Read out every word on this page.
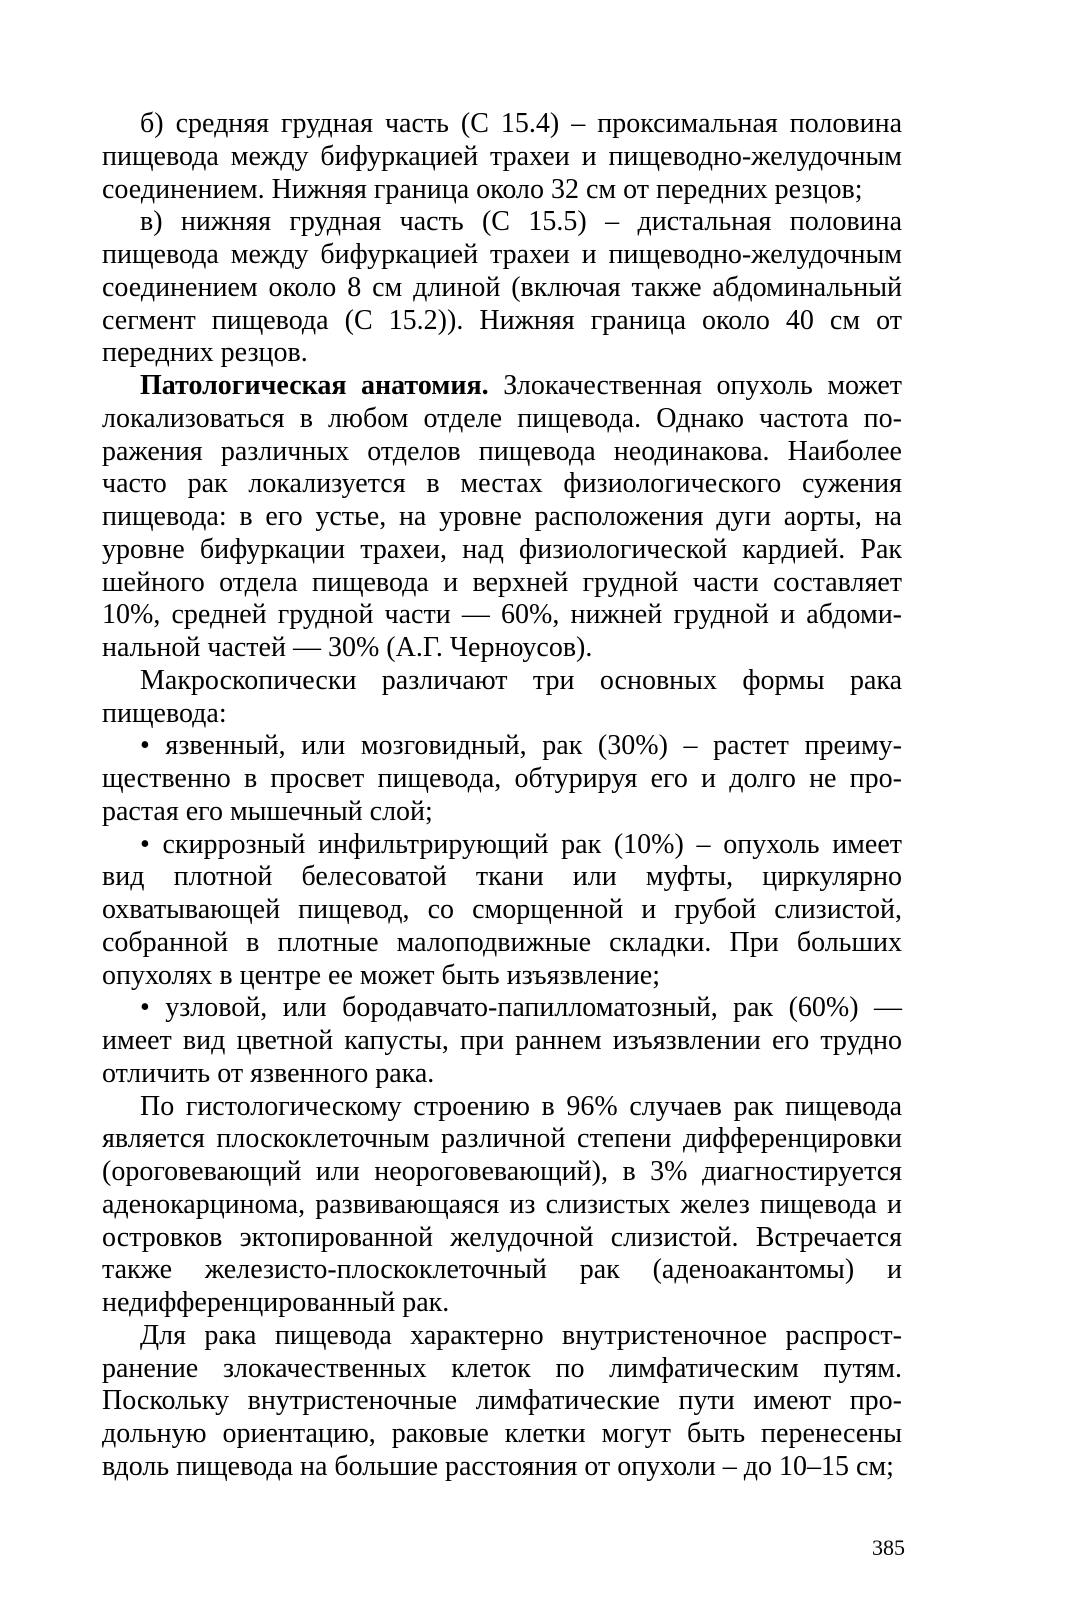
б) средняя грудная часть (С 15.4) – проксимальная половина пищевода между бифуркацией трахеи и пищеводно-желудочным соединением. Нижняя граница около 32 см от передних резцов;

в) нижняя грудная часть (С 15.5) – дистальная половина пищевода между бифуркацией трахеи и пищеводно-желудочным соединением около 8 см длиной (включая также абдоминальный сегмент пищевода (С 15.2)). Нижняя граница около 40 см от передних резцов.

Патологическая анатомия. Злокачественная опухоль может локализоваться в любом отделе пищевода. Однако частота поражения различных отделов пищевода неодинакова. Наиболее часто рак локализуется в местах физиологического сужения пищевода: в его устье, на уровне расположения дуги аорты, на уровне бифуркации трахеи, над физиологической кардией. Рак шейного отдела пищевода и верхней грудной части составляет 10%, средней грудной части — 60%, нижней грудной и абдоминальной частей — 30% (А.Г. Черноусов).

Макроскопически различают три основных формы рака пищевода:

• язвенный, или мозговидный, рак (30%) – растет преимущественно в просвет пищевода, обтурируя его и долго не прорастая его мышечный слой;

• скиррозный инфильтрирующий рак (10%) – опухоль имеет вид плотной белесоватой ткани или муфты, циркулярно охватывающей пищевод, со сморщенной и грубой слизистой, собранной в плотные малоподвижные складки. При больших опухолях в центре ее может быть изъязвление;

• узловой, или бородавчато-папилломатозный, рак (60%) — имеет вид цветной капусты, при раннем изъязвлении его трудно отличить от язвенного рака.

По гистологическому строению в 96% случаев рак пищевода является плоскоклеточным различной степени дифференцировки (ороговевающий или неороговевающий), в 3% диагностируется аденокарцинома, развивающаяся из слизистых желез пищевода и островков эктопированной желудочной слизистой. Встречается также железисто-плоскоклеточный рак (аденоакантомы) и недифференцированный рак.

Для рака пищевода характерно внутристеночное распространение злокачественных клеток по лимфатическим путям. Поскольку внутристеночные лимфатические пути имеют продольную ориентацию, раковые клетки могут быть перенесены вдоль пищевода на большие расстояния от опухоли – до 10–15 см;

385
